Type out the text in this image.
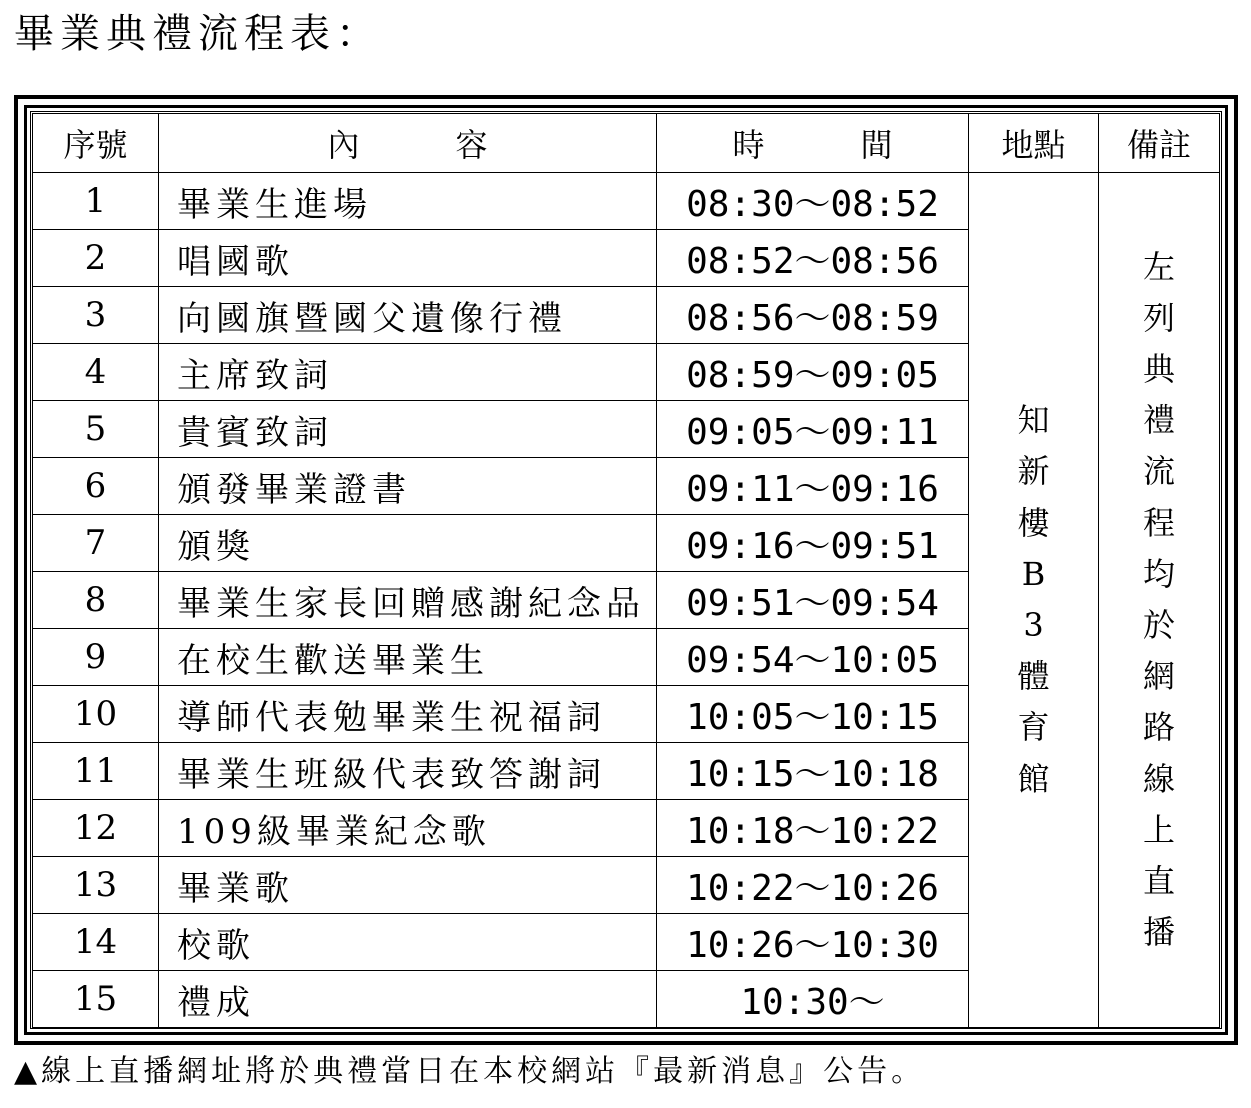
畢業典禮流程表：
序號	內　　　容	時　　　間	地點	備註
1	畢業生進場	08:30～08:52	知新樓B3體育館	左列典禮流程均於網路線上直播
2	唱國歌	08:52～08:56		
3	向國旗暨國父遺像行禮	08:56～08:59		
4	主席致詞	08:59～09:05		
5	貴賓致詞	09:05～09:11		
6	頒發畢業證書	09:11～09:16		
7	頒獎	09:16～09:51		
8	畢業生家長回贈感謝紀念品	09:51～09:54		
9	在校生歡送畢業生	09:54～10:05		
10	導師代表勉畢業生祝福詞	10:05～10:15		
11	畢業生班級代表致答謝詞	10:15～10:18		
12	109級畢業紀念歌	10:18～10:22		
13	畢業歌	10:22～10:26		
14	校歌	10:26～10:30		
15	禮成	10:30～		
▲線上直播網址將於典禮當日在本校網站『最新消息』公告。
